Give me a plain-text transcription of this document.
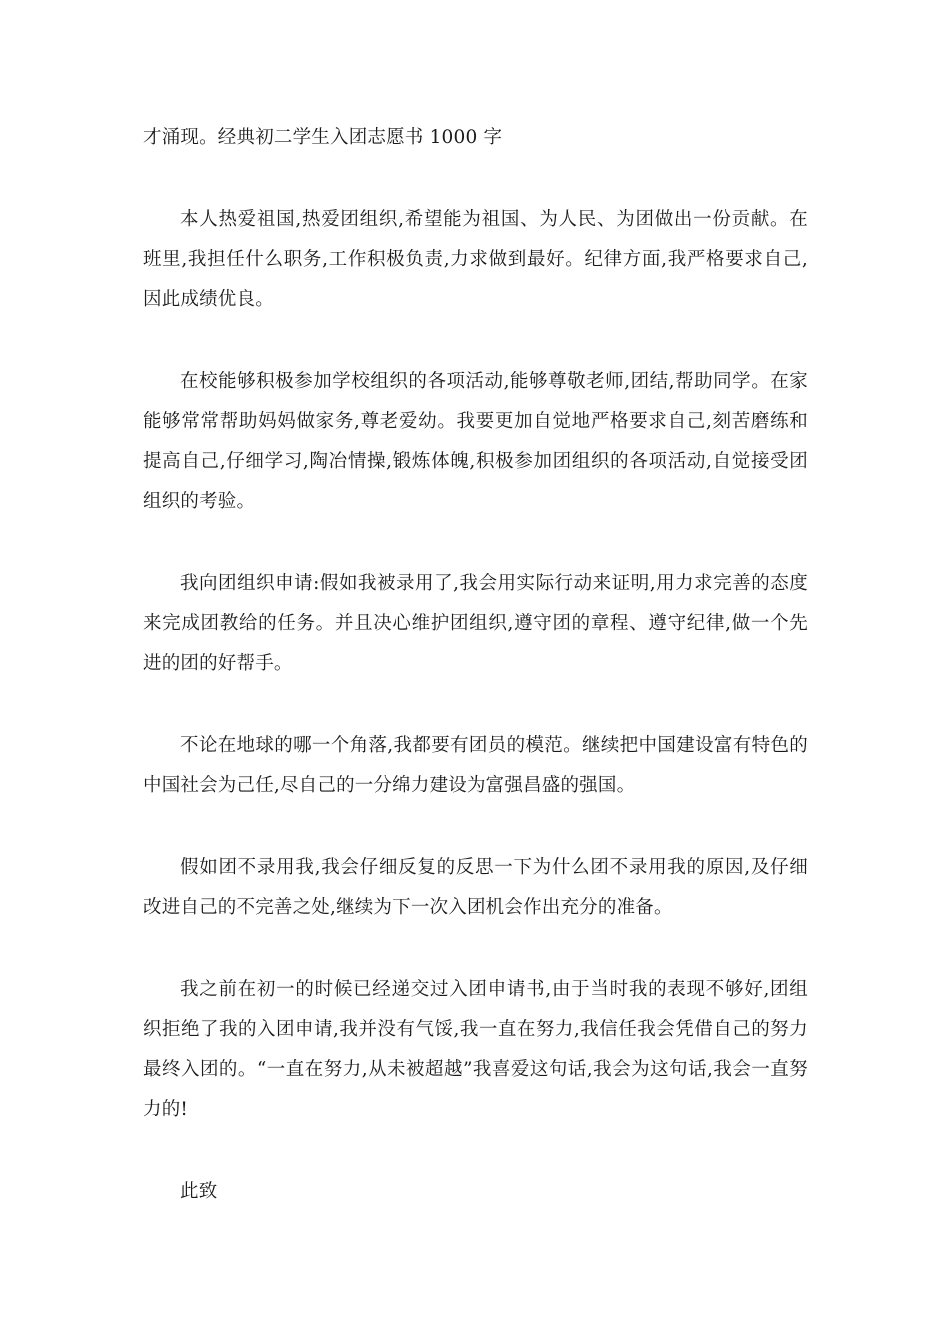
才涌现。经典初二学生入团志愿书 1000 字

本人热爱祖国,热爱团组织,希望能为祖国、为人民、为团做出一份贡献。在班里,我担任什么职务,工作积极负责,力求做到最好。纪律方面,我严格要求自己,因此成绩优良。

在校能够积极参加学校组织的各项活动,能够尊敬老师,团结,帮助同学。在家能够常常帮助妈妈做家务,尊老爱幼。我要更加自觉地严格要求自己,刻苦磨练和提高自己,仔细学习,陶冶情操,锻炼体魄,积极参加团组织的各项活动,自觉接受团组织的考验。

我向团组织申请:假如我被录用了,我会用实际行动来证明,用力求完善的态度来完成团教给的任务。并且决心维护团组织,遵守团的章程、遵守纪律,做一个先进的团的好帮手。

不论在地球的哪一个角落,我都要有团员的模范。继续把中国建设富有特色的中国社会为己任,尽自己的一分绵力建设为富强昌盛的强国。

假如团不录用我,我会仔细反复的反思一下为什么团不录用我的原因,及仔细改进自己的不完善之处,继续为下一次入团机会作出充分的准备。

我之前在初一的时候已经递交过入团申请书,由于当时我的表现不够好,团组织拒绝了我的入团申请,我并没有气馁,我一直在努力,我信任我会凭借自己的努力最终入团的。“一直在努力,从未被超越”我喜爱这句话,我会为这句话,我会一直努力的!

此致
